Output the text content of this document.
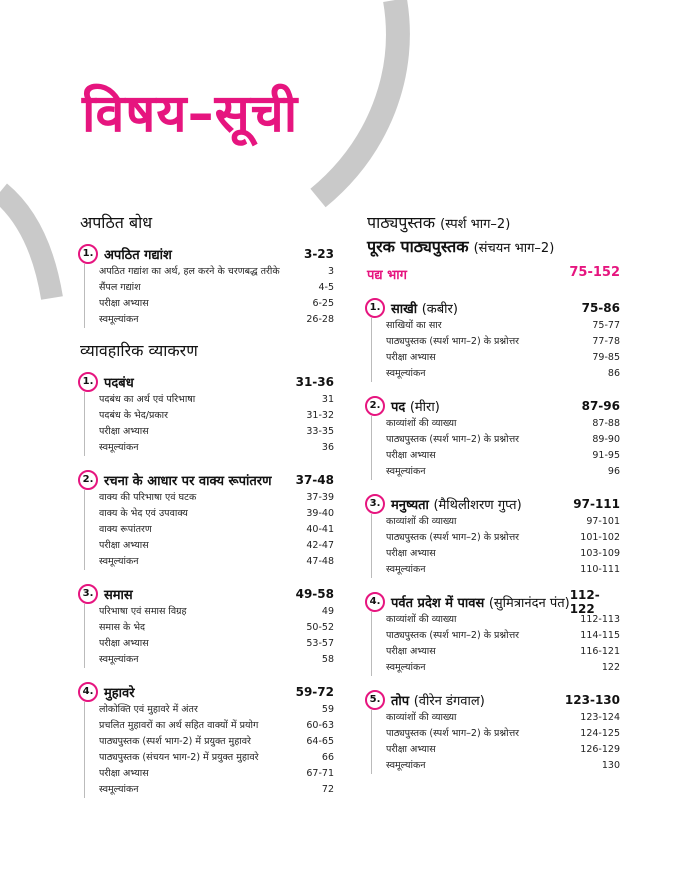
विषय–सूची
अपठित बोध
1. अपठित गद्यांश	3-23
अपठित गद्यांश का अर्थ, हल करने के चरणबद्ध तरीके	3
सैंपल गद्यांश	4-5
परीक्षा अभ्यास	6-25
स्वमूल्यांकन	26-28
व्यावहारिक व्याकरण
1. पदबंध	31-36
पदबंध का अर्थ एवं परिभाषा	31
पदबंध के भेद/प्रकार	31-32
परीक्षा अभ्यास	33-35
स्वमूल्यांकन	36
2. रचना के आधार पर वाक्य रूपांतरण	37-48
वाक्य की परिभाषा एवं घटक	37-39
वाक्य के भेद एवं उपवाक्य	39-40
वाक्य रूपांतरण	40-41
परीक्षा अभ्यास	42-47
स्वमूल्यांकन	47-48
3. समास	49-58
परिभाषा एवं समास विग्रह	49
समास के भेद	50-52
परीक्षा अभ्यास	53-57
स्वमूल्यांकन	58
4. मुहावरे	59-72
लोकोक्ति एवं मुहावरे में अंतर	59
प्रचलित मुहावरों का अर्थ सहित वाक्यों में प्रयोग	60-63
पाठ्यपुस्तक (स्पर्श भाग-2) में प्रयुक्त मुहावरे	64-65
पाठ्यपुस्तक (संचयन भाग-2) में प्रयुक्त मुहावरे	66
परीक्षा अभ्यास	67-71
स्वमूल्यांकन	72
पाठ्यपुस्तक (स्पर्श भाग–2)
पूरक पाठ्यपुस्तक (संचयन भाग–2)
पद्य भाग	75-152
1. साखी (कबीर)	75-86
साखियों का सार	75-77
पाठ्यपुस्तक (स्पर्श भाग–2) के प्रश्नोत्तर	77-78
परीक्षा अभ्यास	79-85
स्वमूल्यांकन	86
2. पद (मीरा)	87-96
काव्यांशों की व्याख्या	87-88
पाठ्यपुस्तक (स्पर्श भाग–2) के प्रश्नोत्तर	89-90
परीक्षा अभ्यास	91-95
स्वमूल्यांकन	96
3. मनुष्यता (मैथिलीशरण गुप्त)	97-111
काव्यांशों की व्याख्या	97-101
पाठ्यपुस्तक (स्पर्श भाग–2) के प्रश्नोत्तर	101-102
परीक्षा अभ्यास	103-109
स्वमूल्यांकन	110-111
4. पर्वत प्रदेश में पावस (सुमित्रानंदन पंत)
112-122
काव्यांशों की व्याख्या	112-113
पाठ्यपुस्तक (स्पर्श भाग–2) के प्रश्नोत्तर	114-115
परीक्षा अभ्यास	116-121
स्वमूल्यांकन	122
5. तोप (वीरेन डंगवाल)	123-130
काव्यांशों की व्याख्या	123-124
पाठ्यपुस्तक (स्पर्श भाग–2) के प्रश्नोत्तर	124-125
परीक्षा अभ्यास	126-129
स्वमूल्यांकन	130
